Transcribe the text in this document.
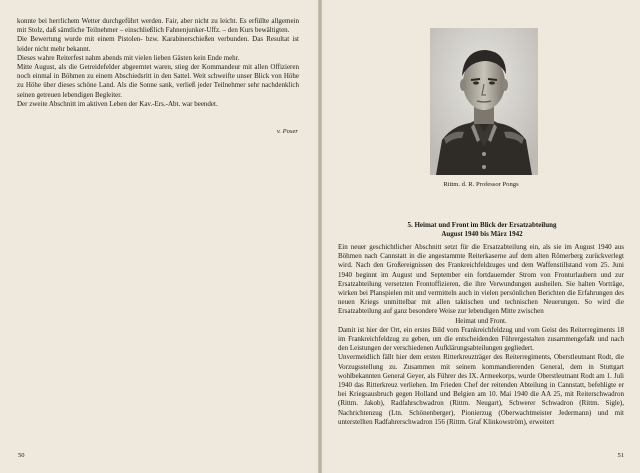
konnte bei herrlichem Wetter durchgeführt werden. Fair, aber nicht zu leicht. Es erfüllte allgemein mit Stolz, daß sämtliche Teilnehmer – einschließlich Fahnenjunker-Uffz. – den Kurs bewältigten.

Die Bewertung wurde mit einem Pistolen- bzw. Karabinerschießen verbunden. Das Resultat ist leider nicht mehr bekannt.

Dieses wahre Reiterfest nahm abends mit vielen lieben Gästen kein Ende mehr.

Mitte August, als die Getreidefelder abgeerntet waren, stieg der Kommandeur mit allen Offizieren noch einmal in Böhmen zu einem Abschiedsritt in den Sattel. Weit schweifte unser Blick von Höhe zu Höhe über dieses schöne Land. Als die Sonne sank, verließ jeder Teilnehmer sehr nachdenklich seinen getreuen lebendigen Begleiter.

Der zweite Abschnitt im aktiven Leben der Kav.-Ers.-Abt. war beendet.

v. Poser
50
Rittm. d. R. Professor Pongs
5. Heimat und Front im Blick der Ersatzabteilung
August 1940 bis März 1942

Ein neuer geschichtlicher Abschnitt setzt für die Ersatzabteilung ein, als sie im August 1940 aus Böhmen nach Cannstatt in die angestammte Reiterkaserne auf dem alten Römerberg zurückverlegt wird. Nach den Großereignissen des Frankreichfeldzuges und dem Waffenstillstand vom 25. Juni 1940 beginnt im August und September ein fortdauernder Strom von Fronturlaubern und zur Ersatzabteilung versetzten Frontoffizieren, die ihre Verwundungen ausheilen. Sie halten Vorträge, wirken bei Planspielen mit und vermitteln auch in vielen persönlichen Berichten die Erfahrungen des neuen Kriegs unmittelbar mit allen taktischen und technischen Neuerungen. So wird die Ersatzabteilung auf ganz besondere Weise zur lebendigen Mitte zwischen

Heimat und Front.

Damit ist hier der Ort, ein erstes Bild vom Frankreichfeldzug und vom Geist des Reiterregiments 18 im Frankreichfeldzug zu geben, um die entscheidenden Führergestalten zusammengefaßt und nach den Leistungen der verschiedenen Aufklärungsabteilungen gegliedert.

Unvermeidlich fällt hier dem ersten Ritterkreuzträger des Reiterregiments, Oberstleutnant Rodt, die Vorzugsstellung zu. Zusammen mit seinem kommandierenden General, dem in Stuttgart wohlbekannten General Geyer, als Führer des IX. Armeekorps, wurde Oberstleutnant Rodt am 1. Juli 1940 das Ritterkreuz verliehen. Im Frieden Chef der reitenden Abteilung in Cannstatt, befehligte er bei Kriegsausbruch gegen Holland und Belgien am 10. Mai 1940 die AA 25, mit Reiterschwadron (Rittm. Jakob), Radfahrschwadron (Rittm. Neugart), Schwerer Schwadron (Rittm. Sigle), Nachrichtenzug (Ltn. Schönenberger), Pionierzug (Oberwachtmeister Jedermann) und mit unterstellten Radfahrerschwadron 156 (Rittm. Graf Klinkowström), erweitert

51
